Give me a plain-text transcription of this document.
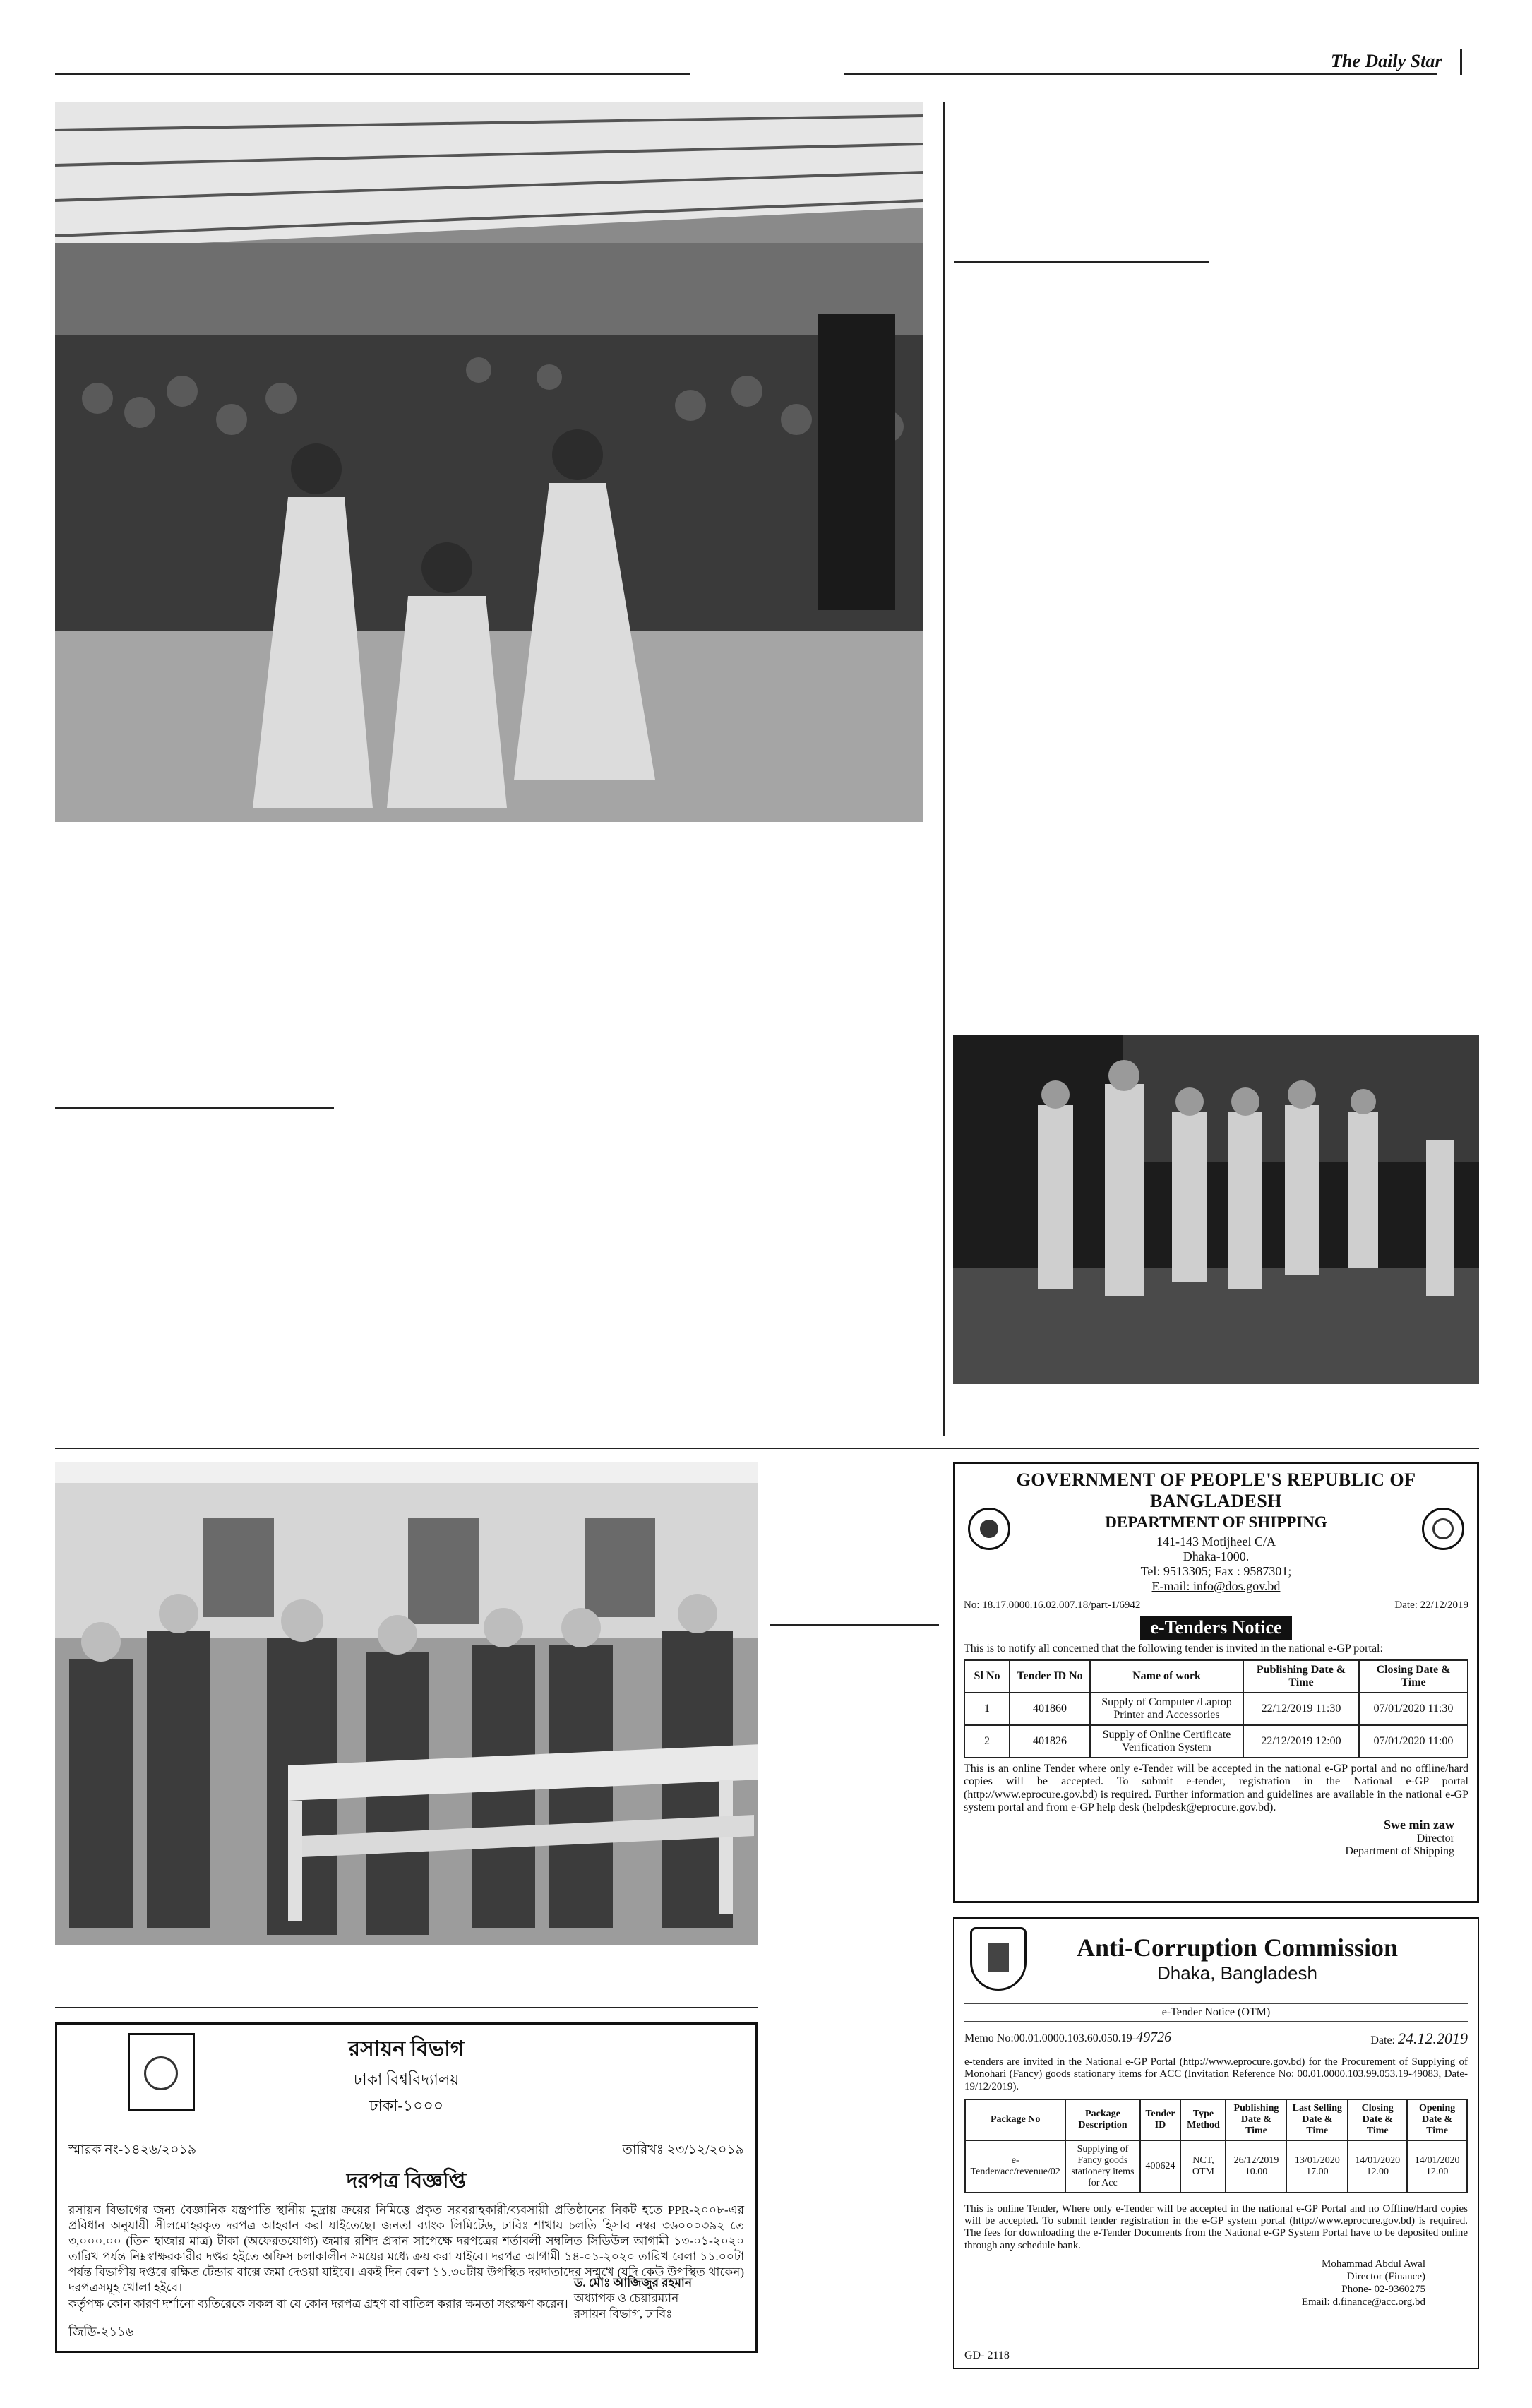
The Daily Star
GOVERNMENT OF PEOPLE'S REPUBLIC OF BANGLADESH
DEPARTMENT OF SHIPPING
141-143 Motijheel C/A
Dhaka-1000.
Tel: 9513305; Fax : 9587301;
E-mail: info@dos.gov.bd
No: 18.17.0000.16.02.007.18/part-1/6942	Date: 22/12/2019
e-Tenders Notice
This is to notify all concerned that the following tender is invited in the national e-GP portal:
Sl No	Tender ID No	Name of work	Publishing Date & Time	Closing Date & Time
1	401860	Supply of Computer /Laptop Printer and Accessories	22/12/2019 11:30	07/01/2020 11:30
2	401826	Supply of Online Certificate Verification System	22/12/2019 12:00	07/01/2020 11:00
This is an online Tender where only e-Tender will be accepted in the national e-GP portal and no offline/hard copies will be accepted. To submit e-tender, registration in the National e-GP portal (http://www.eprocure.gov.bd) is required. Further information and guidelines are available in the national e-GP system portal and from e-GP help desk (helpdesk@eprocure.gov.bd).
Swe min zaw
Director
Department of Shipping
Anti-Corruption Commission
Dhaka, Bangladesh
e-Tender Notice (OTM)
Memo No:00.01.0000.103.60.050.19-49726	Date: 24.12.2019
e-tenders are invited in the National e-GP Portal (http://www.eprocure.gov.bd) for the Procurement of Supplying of Monohari (Fancy) goods stationary items for ACC (Invitation Reference No: 00.01.0000.103.99.053.19-49083, Date- 19/12/2019).
Package No	Package Description	Tender ID	Type Method	Publishing Date & Time	Last Selling Date & Time	Closing Date & Time	Opening Date & Time
e-Tender/acc/revenue/02	Supplying of Fancy goods stationery items for Acc	400624	NCT, OTM	26/12/2019 10.00	13/01/2020 17.00	14/01/2020 12.00	14/01/2020 12.00
This is online Tender, Where only e-Tender will be accepted in the national e-GP Portal and no Offline/Hard copies will be accepted. To submit tender registration in the e-GP system portal (http://www.eprocure.gov.bd) is required. The fees for downloading the e-Tender Documents from the National e-GP System Portal have to be deposited online through any schedule bank.
Mohammad Abdul Awal
Director (Finance)
Phone- 02-9360275
Email: d.finance@acc.org.bd
GD- 2118
রসায়ন বিভাগ
ঢাকা বিশ্ববিদ্যালয়
ঢাকা-১০০০
স্মারক নং-১৪২৬/২০১৯	তারিখঃ ২৩/১২/২০১৯
দরপত্র বিজ্ঞপ্তি
রসায়ন বিভাগের জন্য বৈজ্ঞানিক যন্ত্রপাতি স্থানীয় মুদ্রায় ক্রয়ের নিমিত্তে প্রকৃত সরবরাহকারী/ব্যবসায়ী প্রতিষ্ঠানের নিকট হতে PPR-২০০৮-এর প্রবিধান অনুযায়ী সীলমোহরকৃত দরপত্র আহবান করা যাইতেছে। জনতা ব্যাংক লিমিটেড, ঢাবিঃ শাখায় চলতি হিসাব নম্বর ৩৬০০০৩৯২ তে ৩,০০০.০০ (তিন হাজার মাত্র) টাকা (অফেরতযোগ্য) জমার রশিদ প্রদান সাপেক্ষে দরপত্রের শর্তাবলী সম্বলিত সিডিউল আগামী ১৩-০১-২০২০ তারিখ পর্যন্ত নিম্নস্বাক্ষরকারীর দপ্তর হইতে অফিস চলাকালীন সময়ের মধ্যে ক্রয় করা যাইবে। দরপত্র আগামী ১৪-০১-২০২০ তারিখ বেলা ১১.০০টা পর্যন্ত বিভাগীয় দপ্তরে রক্ষিত টেন্ডার বাক্সে জমা দেওয়া যাইবে। একই দিন বেলা ১১.৩০টায় উপস্থিত দরদাতাদের সম্মুখে (যদি কেউ উপস্থিত থাকেন) দরপত্রসমূহ খোলা হইবে।
কর্তৃপক্ষ কোন কারণ দর্শানো ব্যতিরেকে সকল বা যে কোন দরপত্র গ্রহণ বা বাতিল করার ক্ষমতা সংরক্ষণ করেন।
ড. মোঃ আজিজুর রহমান
অধ্যাপক ও চেয়ারম্যান
রসায়ন বিভাগ, ঢাবিঃ
জিডি-২১১৬
